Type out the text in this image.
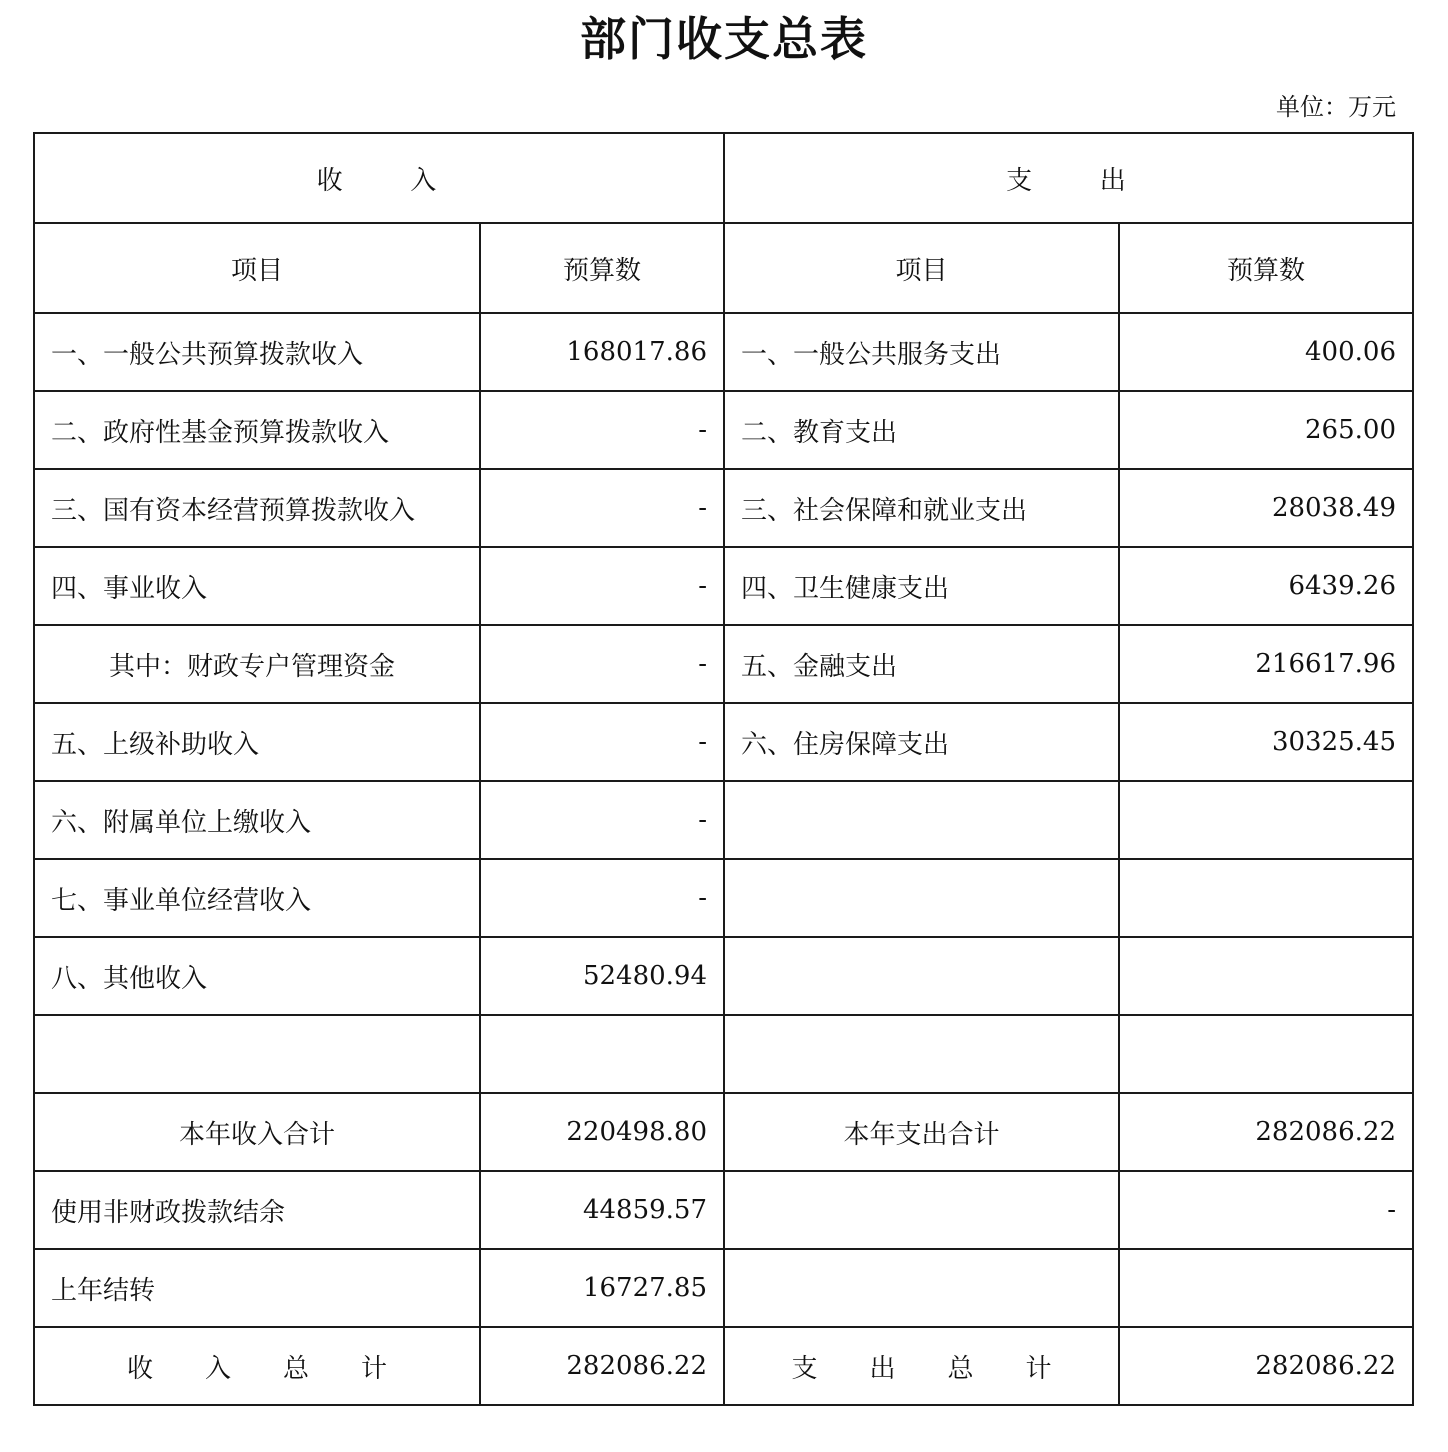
部门收支总表
单位：万元
收　　入		支　　出	
项目	预算数	项目	预算数
一、一般公共预算拨款收入	168017.86	一、一般公共服务支出	400.06
二、政府性基金预算拨款收入	-	二、教育支出	265.00
三、国有资本经营预算拨款收入	-	三、社会保障和就业支出	28038.49
四、事业收入	-	四、卫生健康支出	6439.26
其中：财政专户管理资金	-	五、金融支出	216617.96
五、上级补助收入	-	六、住房保障支出	30325.45
六、附属单位上缴收入	-		
七、事业单位经营收入	-		
八、其他收入	52480.94		

本年收入合计	220498.80	本年支出合计	282086.22
使用非财政拨款结余	44859.57		-
上年结转	16727.85		
收　　入　　总　　计	282086.22	支　　出　　总　　计	282086.22
